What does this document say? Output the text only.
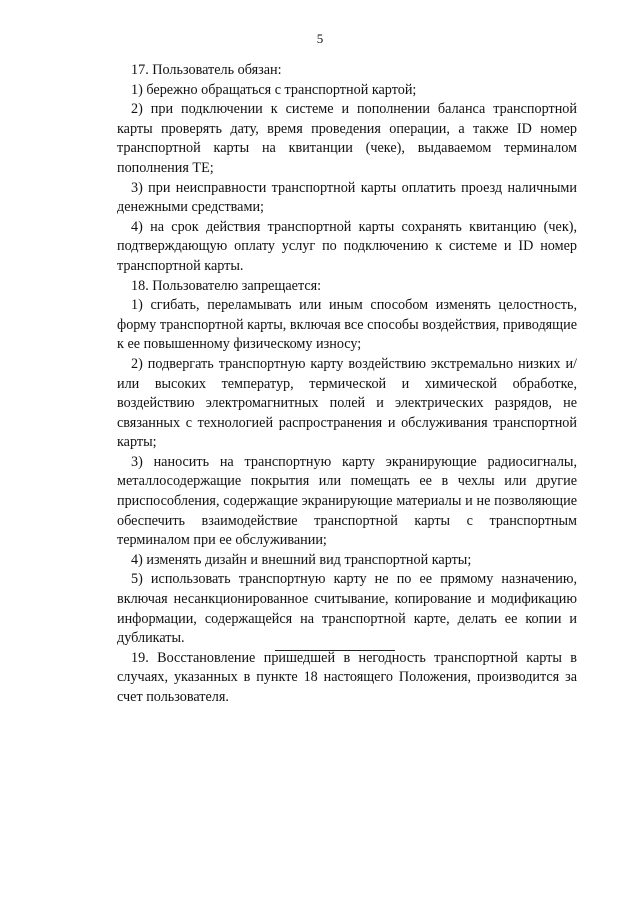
5

17. Пользователь обязан:

1) бережно обращаться с транспортной картой;

2) при подключении к системе и пополнении баланса транспортной карты проверять дату, время проведения операции, а также ID номер транспортной карты на квитанции (чеке), выдаваемом терминалом пополнения ТЕ;

3) при неисправности транспортной карты оплатить проезд наличными денежными средствами;

4) на срок действия транспортной карты сохранять квитанцию (чек), подтверждающую оплату услуг по подключению к системе и ID номер транспортной карты.

18. Пользователю запрещается:

1) сгибать, переламывать или иным способом изменять целостность, форму транспортной карты, включая все способы воздействия, приводящие к ее повышенному физическому износу;

2) подвергать транспортную карту воздействию экстремально низких и/или высоких температур, термической и химической обработке, воздействию электромагнитных полей и электрических разрядов, не связанных с технологией распространения и обслуживания транспортной карты;

3) наносить на транспортную карту экранирующие радиосигналы, металлосодержащие покрытия или помещать ее в чехлы или другие приспособления, содержащие экранирующие материалы и не позволяющие обеспечить взаимодействие транспортной карты с транспортным терминалом при ее обслуживании;

4) изменять дизайн и внешний вид транспортной карты;

5) использовать транспортную карту не по ее прямому назначению, включая несанкционированное считывание, копирование и модификацию информации, содержащейся на транспортной карте, делать ее копии и дубликаты.

19. Восстановление пришедшей в негодность транспортной карты в случаях, указанных в пункте 18 настоящего Положения, производится за счет пользователя.
